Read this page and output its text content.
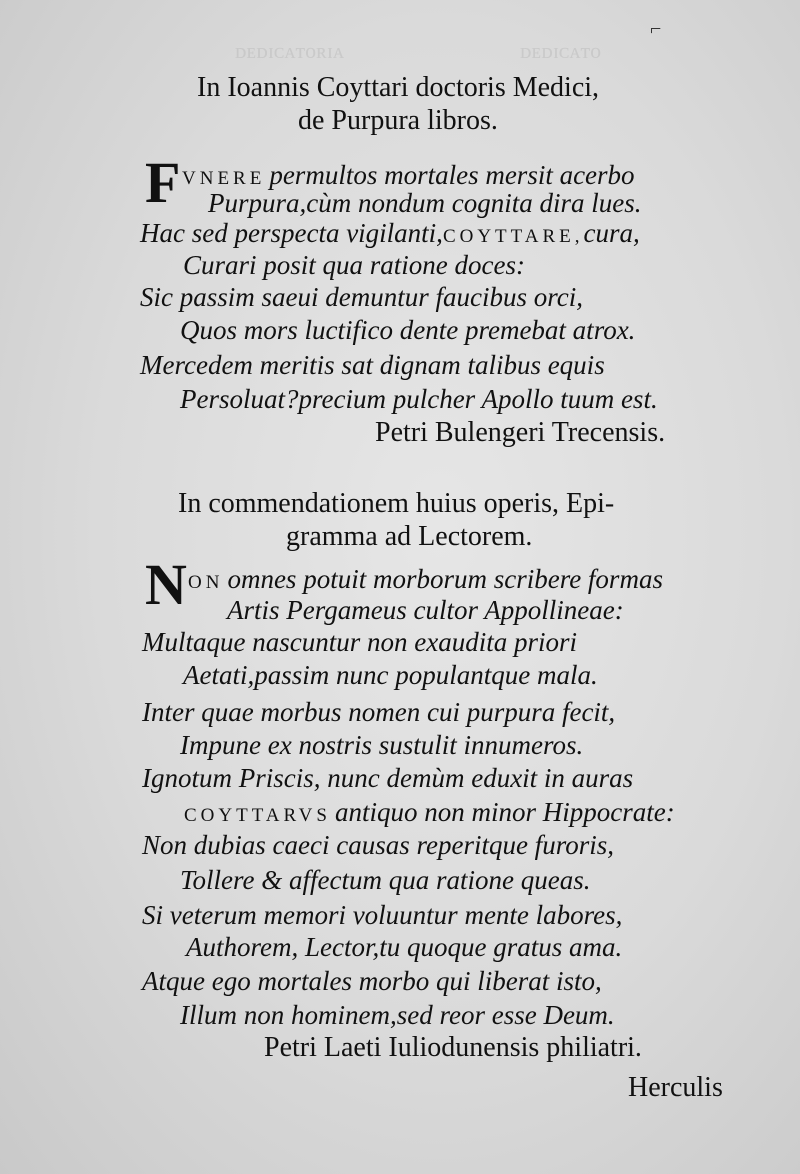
ᴅᴇᴅɪᴄᴀᴛᴏʀɪᴀ	ᴅᴇᴅɪᴄᴀᴛᴏ
⌐
In Ioannis Coyttari doctoris Medici,
de Purpura libros.
F VNERE permultos mortales mersit acerbo
Purpura,cùm nondum cognita dira lues.
Hac sed perspecta vigilanti,COYTTARE,cura,
Curari posit qua ratione doces:
Sic passim saeui demuntur faucibus orci,
Quos mors luctifico dente premebat atrox.
Mercedem meritis sat dignam talibus equis
Persoluat?precium pulcher Apollo tuum est.
Petri Bulengeri Trecensis.
In commendationem huius operis, Epi-
gramma ad Lectorem.
N ON omnes potuit morborum scribere formas
Artis Pergameus cultor Appollineae:
Multaque nascuntur non exaudita priori
Aetati,passim nunc populantque mala.
Inter quae morbus nomen cui purpura fecit,
Impune ex nostris sustulit innumeros.
Ignotum Priscis, nunc demùm eduxit in auras
COYTTARVS antiquo non minor Hippocrate:
Non dubias caeci causas reperitque furoris,
Tollere & affectum qua ratione queas.
Si veterum memori voluuntur mente labores,
Authorem, Lector,tu quoque gratus ama.
Atque ego mortales morbo qui liberat isto,
Illum non hominem,sed reor esse Deum.
Petri Laeti Iuliodunensis philiatri.
Herculis
